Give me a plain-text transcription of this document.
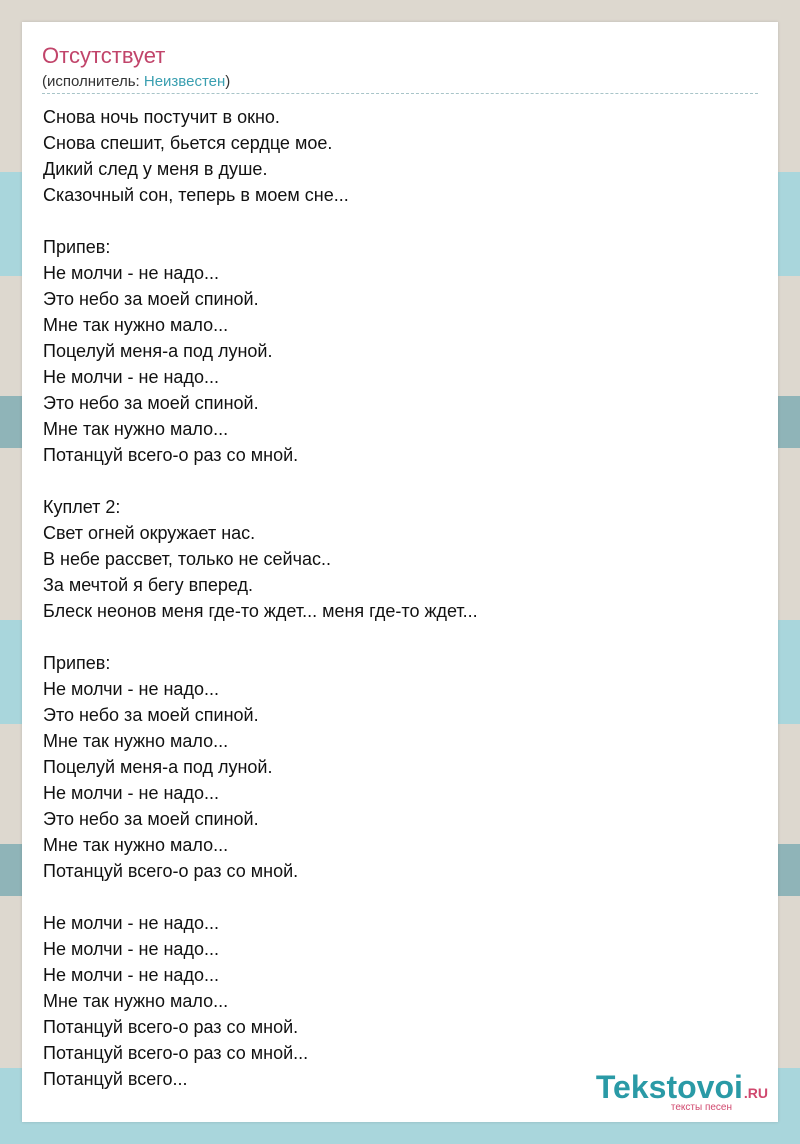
Отсутствует
(исполнитель: Неизвестен)
Снова ночь постучит в окно.
Снова спешит, бьется сердце мое.
Дикий след у меня в душе.
Сказочный сон, теперь в моем сне...
Припев:
Не молчи - не надо...
Это небо за моей спиной.
Мне так нужно мало...
Поцелуй меня-а под луной.
Не молчи - не надо...
Это небо за моей спиной.
Мне так нужно мало...
Потанцуй всего-о раз со мной.
Куплет 2:
Свет огней окружает нас.
В небе рассвет, только не сейчас..
За мечтой я бегу вперед.
Блеск неонов меня где-то ждет... меня где-то ждет...
Припев:
Не молчи - не надо...
Это небо за моей спиной.
Мне так нужно мало...
Поцелуй меня-а под луной.
Не молчи - не надо...
Это небо за моей спиной.
Мне так нужно мало...
Потанцуй всего-о раз со мной.
Не молчи - не надо...
Не молчи - не надо...
Не молчи - не надо...
Мне так нужно мало...
Потанцуй всего-о раз со мной.
Потанцуй всего-о раз со мной...
Потанцуй всего...	Tekstovoi.RU
тексты песен
